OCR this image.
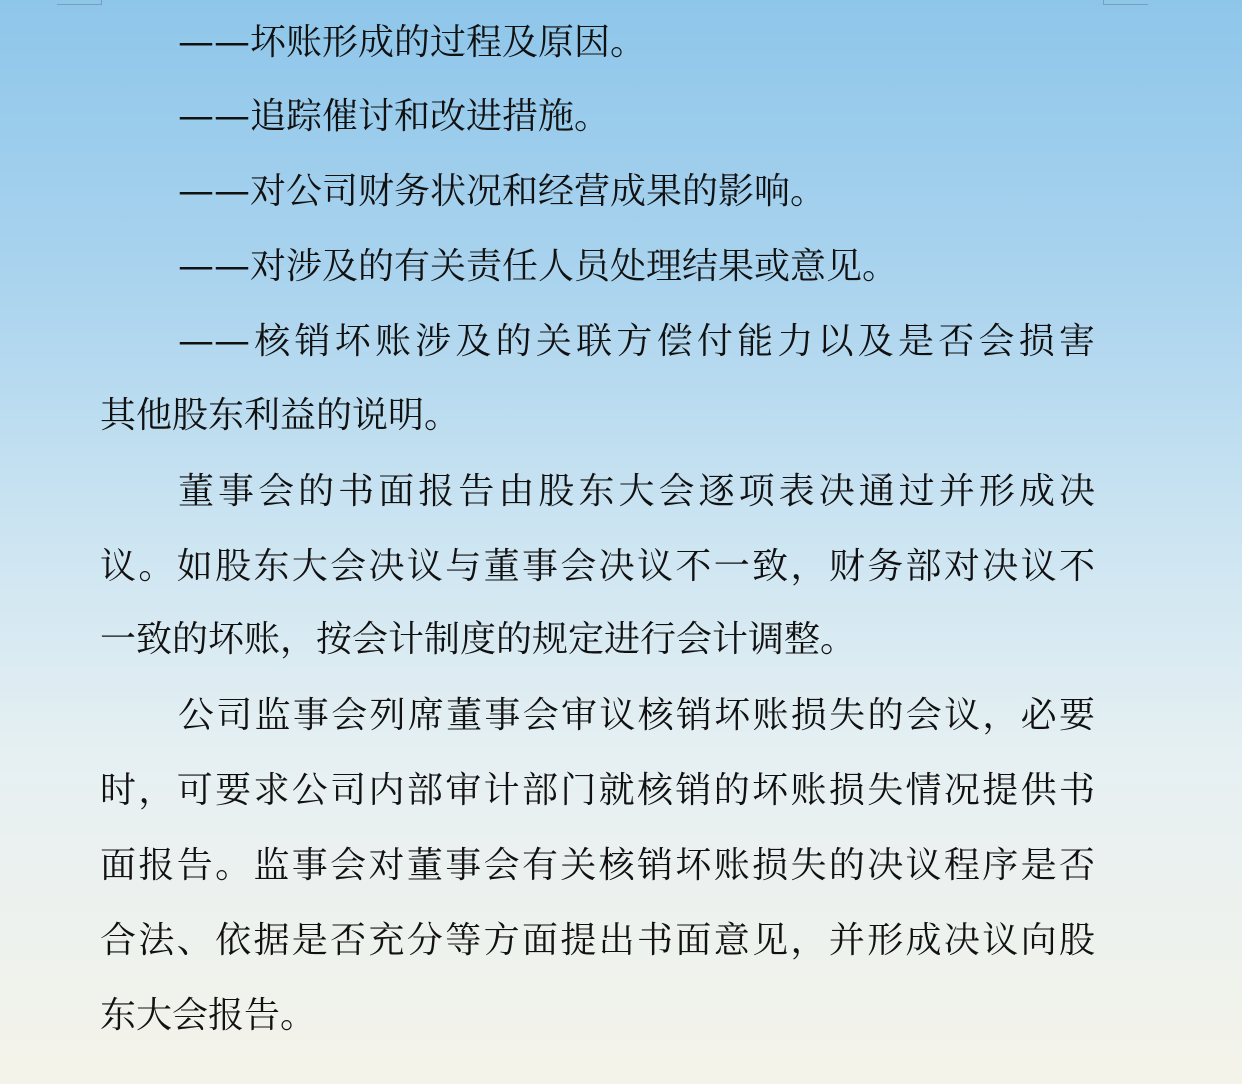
——坏账形成的过程及原因。
——追踪催讨和改进措施。
——对公司财务状况和经营成果的影响。
——对涉及的有关责任人员处理结果或意见。
——核销坏账涉及的关联方偿付能力以及是否会损害
其他股东利益的说明。
董事会的书面报告由股东大会逐项表决通过并形成决
议。如股东大会决议与董事会决议不一致，财务部对决议不
一致的坏账，按会计制度的规定进行会计调整。
公司监事会列席董事会审议核销坏账损失的会议，必要
时，可要求公司内部审计部门就核销的坏账损失情况提供书
面报告。监事会对董事会有关核销坏账损失的决议程序是否
合法、依据是否充分等方面提出书面意见，并形成决议向股
东大会报告。
